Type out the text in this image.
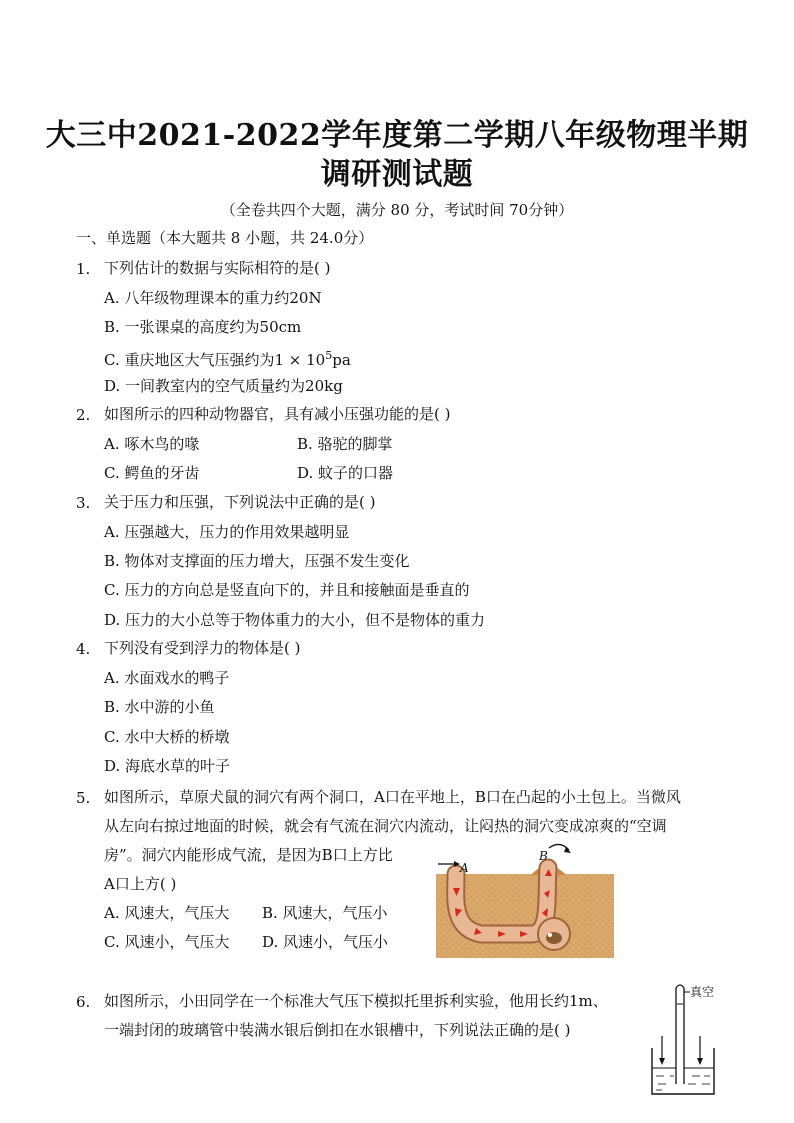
大三中2021-2022学年度第二学期八年级物理半期
调研测试题
（全卷共四个大题，满分 80 分，考试时间 70分钟）
一、单选题（本大题共 8 小题，共 24.0分）
1. 下列估计的数据与实际相符的是( )
A. 八年级物理课本的重力约20N
B. 一张课桌的高度约为50cm
C. 重庆地区大气压强约为$1 \times 10^5pa$
D. 一间教室内的空气质量约为20kg
2. 如图所示的四种动物器官，具有减小压强功能的是( )
A. 啄木鸟的喙	B. 骆驼的脚掌
C. 鳄鱼的牙齿	D. 蚊子的口器
3. 关于压力和压强，下列说法中正确的是( )
A. 压强越大，压力的作用效果越明显
B. 物体对支撑面的压力增大，压强不发生变化
C. 压力的方向总是竖直向下的，并且和接触面是垂直的
D. 压力的大小总等于物体重力的大小，但不是物体的重力
4. 下列没有受到浮力的物体是( )
A. 水面戏水的鸭子
B. 水中游的小鱼
C. 水中大桥的桥墩
D. 海底水草的叶子
5. 如图所示，草原犬鼠的洞穴有两个洞口，A口在平地上，B口在凸起的小土包上。当微风
从左向右掠过地面的时候，就会有气流在洞穴内流动，让闷热的洞穴变成凉爽的“空调
房”。洞穴内能形成气流，是因为B口上方比
A口上方( )
A. 风速大，气压大 B. 风速大，气压小
C. 风速小，气压大 D. 风速小，气压小
A
B
6. 如图所示，小田同学在一个标准大气压下模拟托里拆利实验，他用长约1m、
一端封闭的玻璃管中装满水银后倒扣在水银槽中，下列说法正确的是( )
真空
